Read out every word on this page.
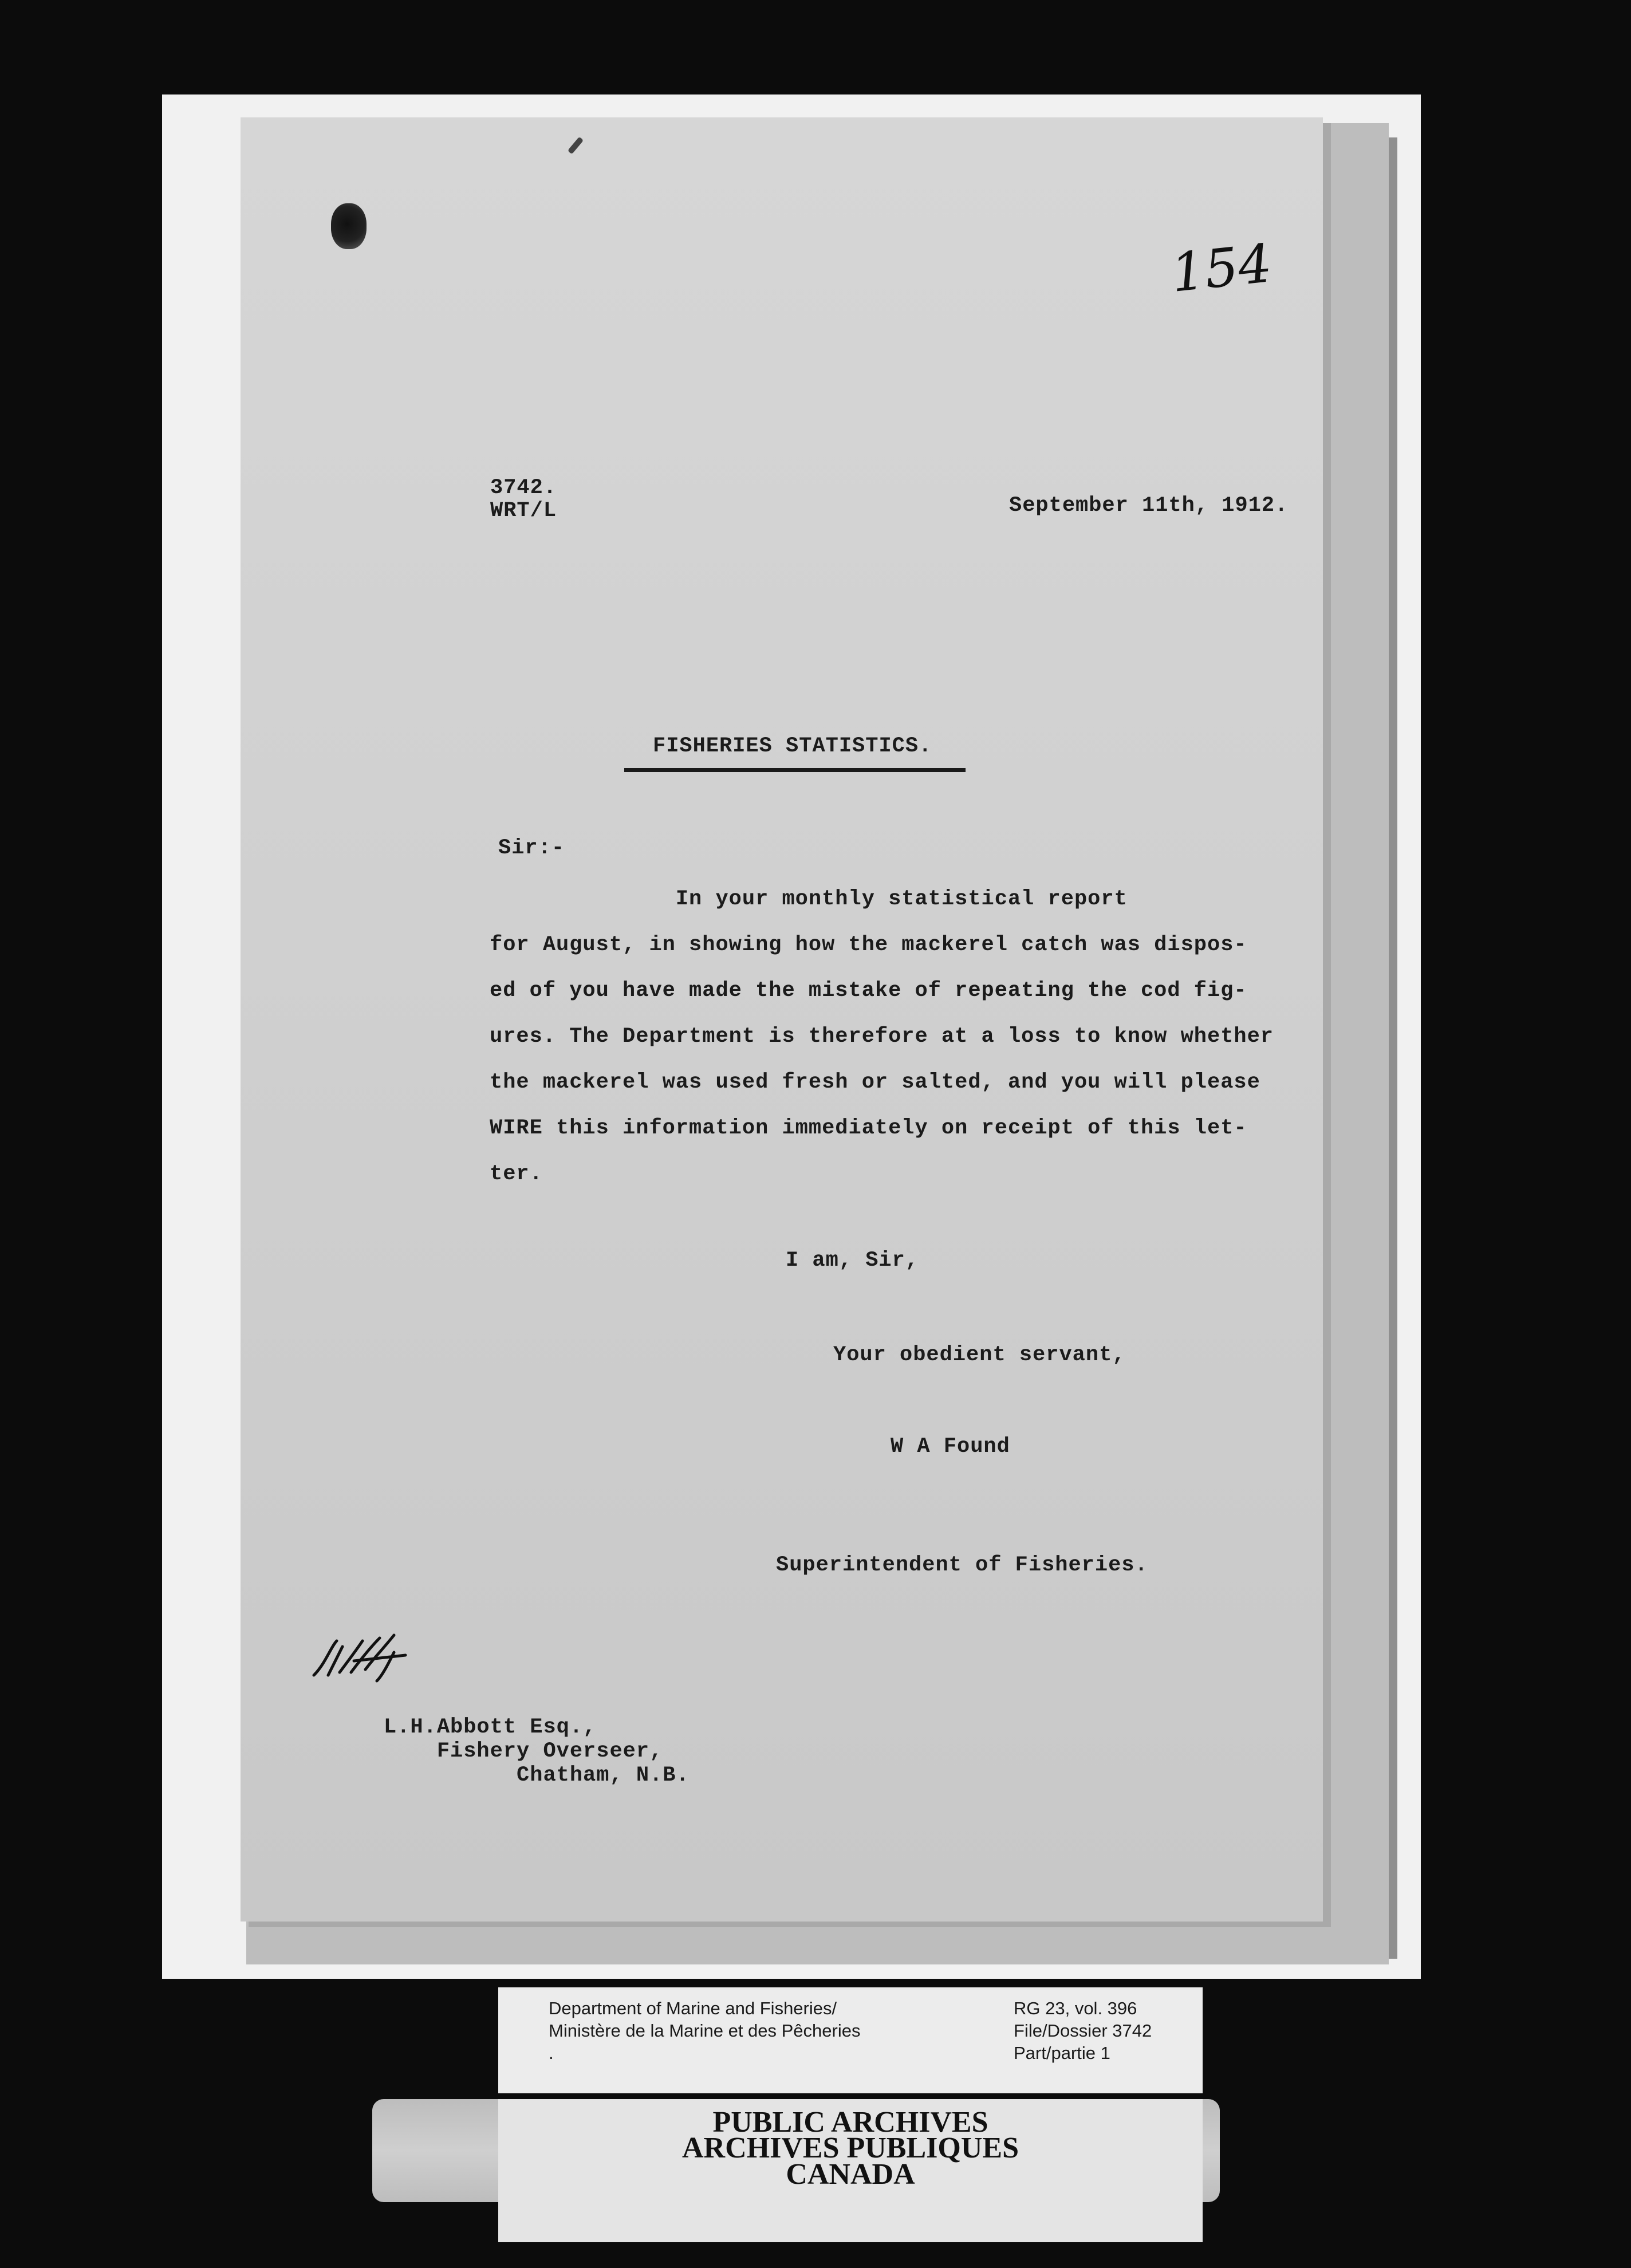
154
3742.
WRT/L	September 11th, 1912.
FISHERIES STATISTICS.
Sir:-
In your monthly statistical report
for August, in showing how the mackerel catch was dispos-
ed of you have made the mistake of repeating the cod fig-
ures. The Department is therefore at a loss to know whether
the mackerel was used fresh or salted, and you will please
WIRE this information immediately on receipt of this let-
ter.
I am, Sir,
Your obedient servant,
W A Found
Superintendent of Fisheries.
L.H.Abbott Esq.,
Fishery Overseer,
Chatham, N.B.
Department of Marine and Fisheries/
Ministère de la Marine et des Pêcheries
.
RG 23, vol. 396
File/Dossier 3742
Part/partie 1
PUBLIC ARCHIVES
ARCHIVES PUBLIQUES
CANADA
